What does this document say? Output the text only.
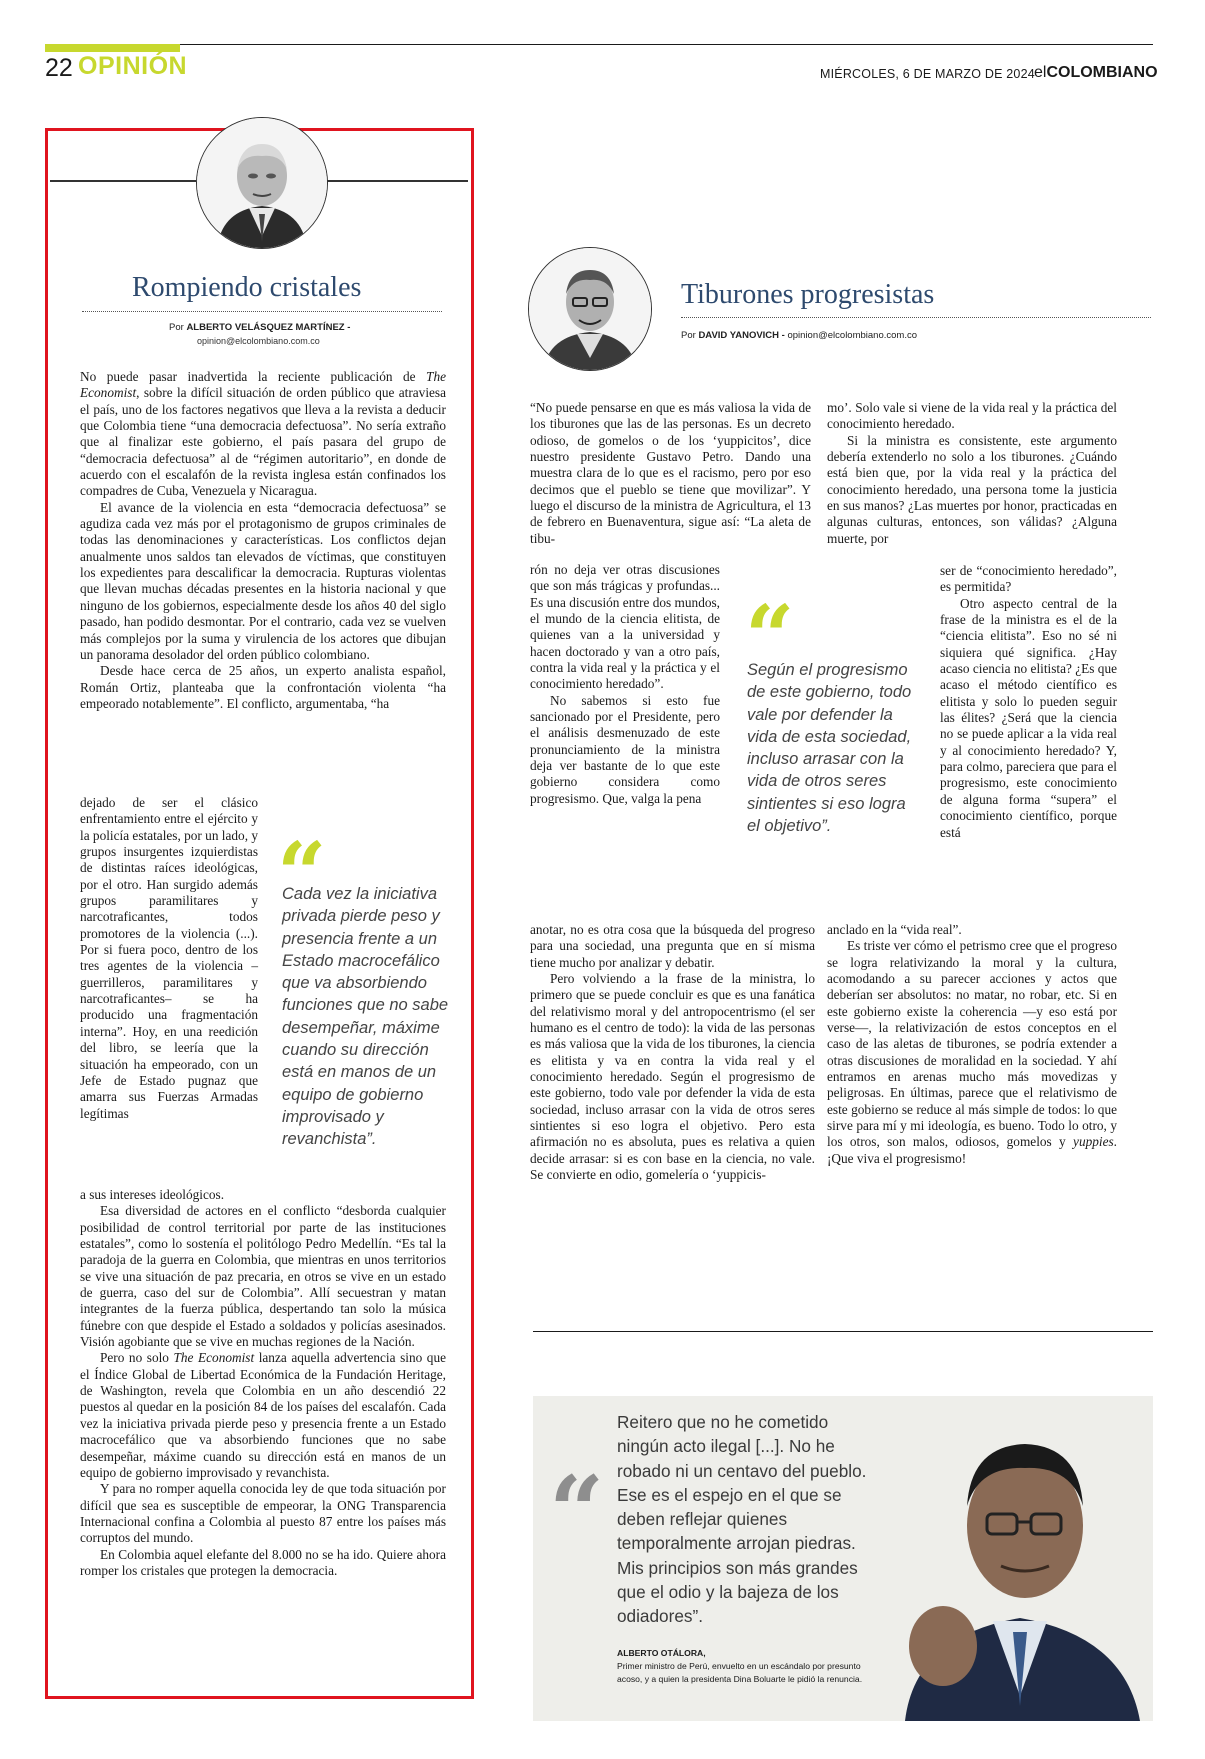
22 OPINIÓN	MIÉRCOLES, 6 DE MARZO DE 2024 elCOLOMBIANO
Rompiendo cristales
Por ALBERTO VELÁSQUEZ MARTÍNEZ -
opinion@elcolombiano.com.co

No puede pasar inadvertida la reciente publicación de The Economist, sobre la difícil situación de orden público que atraviesa el país, uno de los factores negativos que lleva a la revista a deducir que Colombia tiene “una democracia defectuosa”. No sería extraño que al finalizar este gobierno, el país pasara del grupo de “democracia defectuosa” al de “régimen autoritario”, en donde de acuerdo con el escalafón de la revista inglesa están confinados los compadres de Cuba, Venezuela y Nicaragua.

El avance de la violencia en esta “democracia defectuosa” se agudiza cada vez más por el protagonismo de grupos criminales de todas las denominaciones y características. Los conflictos dejan anualmente unos saldos tan elevados de víctimas, que constituyen los expedientes para descalificar la democracia. Rupturas violentas que llevan muchas décadas presentes en la historia nacional y que ninguno de los gobiernos, especialmente desde los años 40 del siglo pasado, han podido desmontar. Por el contrario, cada vez se vuelven más complejos por la suma y virulencia de los actores que dibujan un panorama desolador del orden público colombiano.

Desde hace cerca de 25 años, un experto analista español, Román Ortiz, planteaba que la confrontación violenta “ha empeorado notablemente”. El conflicto, argumentaba, “ha

dejado de ser el clásico enfrentamiento entre el ejército y la policía estatales, por un lado, y grupos insurgentes izquierdistas de distintas raíces ideológicas, por el otro. Han surgido además grupos paramilitares y narcotraficantes, todos promotores de la violencia (...). Por si fuera poco, dentro de los tres agentes de la violencia –guerrilleros, paramilitares y narcotraficantes– se ha producido una fragmentación interna”. Hoy, en una reedición del libro, se leería que la situación ha empeorado, con un Jefe de Estado pugnaz que amarra sus Fuerzas Armadas legítimas

“
Cada vez la iniciativa privada pierde peso y presencia frente a un Estado macrocefálico que va absorbiendo funciones que no sabe desempeñar, máxime cuando su dirección está en manos de un equipo de gobierno improvisado y revanchista”.

a sus intereses ideológicos.

Esa diversidad de actores en el conflicto “desborda cualquier posibilidad de control territorial por parte de las instituciones estatales”, como lo sostenía el politólogo Pedro Medellín. “Es tal la paradoja de la guerra en Colombia, que mientras en unos territorios se vive una situación de paz precaria, en otros se vive en un estado de guerra, caso del sur de Colombia”. Allí secuestran y matan integrantes de la fuerza pública, despertando tan solo la música fúnebre con que despide el Estado a soldados y policías asesinados. Visión agobiante que se vive en muchas regiones de la Nación.

Pero no solo The Economist lanza aquella advertencia sino que el Índice Global de Libertad Económica de la Fundación Heritage, de Washington, revela que Colombia en un año descendió 22 puestos al quedar en la posición 84 de los países del escalafón. Cada vez la iniciativa privada pierde peso y presencia frente a un Estado macrocefálico que va absorbiendo funciones que no sabe desempeñar, máxime cuando su dirección está en manos de un equipo de gobierno improvisado y revanchista.

Y para no romper aquella conocida ley de que toda situación por difícil que sea es susceptible de empeorar, la ONG Transparencia Internacional confina a Colombia al puesto 87 entre los países más corruptos del mundo.

En Colombia aquel elefante del 8.000 no se ha ido. Quiere ahora romper los cristales que protegen la democracia.

Tiburones progresistas
Por DAVID YANOVICH - opinion@elcolombiano.com.co

“No puede pensarse en que es más valiosa la vida de los tiburones que las de las personas. Es un decreto odioso, de gomelos o de los ‘yuppicitos’, dice nuestro presidente Gustavo Petro. Dando una muestra clara de lo que es el racismo, pero por eso decimos que el pueblo se tiene que movilizar”. Y luego el discurso de la ministra de Agricultura, el 13 de febrero en Buenaventura, sigue así: “La aleta de tibu-

rón no deja ver otras discusiones que son más trágicas y profundas... Es una discusión entre dos mundos, el mundo de la ciencia elitista, de quienes van a la universidad y hacen doctorado y van a otro país, contra la vida real y la práctica y el conocimiento heredado”.

No sabemos si esto fue sancionado por el Presidente, pero el análisis desmenuzado de este pronunciamiento de la ministra deja ver bastante de lo que este gobierno considera como progresismo. Que, valga la pena

anotar, no es otra cosa que la búsqueda del progreso para una sociedad, una pregunta que en sí misma tiene mucho por analizar y debatir.

Pero volviendo a la frase de la ministra, lo primero que se puede concluir es que es una fanática del relativismo moral y del antropocentrismo (el ser humano es el centro de todo): la vida de las personas es más valiosa que la vida de los tiburones, la ciencia es elitista y va en contra la vida real y el conocimiento heredado. Según el progresismo de este gobierno, todo vale por defender la vida de esta sociedad, incluso arrasar con la vida de otros seres sintientes si eso logra el objetivo. Pero esta afirmación no es absoluta, pues es relativa a quien decide arrasar: si es con base en la ciencia, no vale. Se convierte en odio, gomelería o ‘yuppicis-

“
Según el progresismo de este gobierno, todo vale por defender la vida de esta sociedad, incluso arrasar con la vida de otros seres sintientes si eso logra el objetivo”.

mo’. Solo vale si viene de la vida real y la práctica del conocimiento heredado.

Si la ministra es consistente, este argumento debería extenderlo no solo a los tiburones. ¿Cuándo está bien que, por la vida real y la práctica del conocimiento heredado, una persona tome la justicia en sus manos? ¿Las muertes por honor, practicadas en algunas culturas, entonces, son válidas? ¿Alguna muerte, por

ser de “conocimiento heredado”, es permitida?

Otro aspecto central de la frase de la ministra es el de la “ciencia elitista”. Eso no sé ni siquiera qué significa. ¿Hay acaso ciencia no elitista? ¿Es que acaso el método científico es elitista y solo lo pueden seguir las élites? ¿Será que la ciencia no se puede aplicar a la vida real y al conocimiento heredado? Y, para colmo, pareciera que para el progresismo, este conocimiento de alguna forma “supera” el conocimiento científico, porque está

anclado en la “vida real”.

Es triste ver cómo el petrismo cree que el progreso se logra relativizando la moral y la cultura, acomodando a su parecer acciones y actos que deberían ser absolutos: no matar, no robar, etc. Si en este gobierno existe la coherencia —y eso está por verse—, la relativización de estos conceptos en el caso de las aletas de tiburones, se podría extender a otras discusiones de moralidad en la sociedad. Y ahí entramos en arenas mucho más movedizas y peligrosas. En últimas, parece que el relativismo de este gobierno se reduce al más simple de todos: lo que sirve para mí y mi ideología, es bueno. Todo lo otro, y los otros, son malos, odiosos, gomelos y yuppies. ¡Que viva el progresismo!

“
Reitero que no he cometido ningún acto ilegal [...]. No he robado ni un centavo del pueblo. Ese es el espejo en el que se deben reflejar quienes temporalmente arrojan piedras. Mis principios son más grandes que el odio y la bajeza de los odiadores”.
ALBERTO OTÁLORA,
Primer ministro de Perú, envuelto en un escándalo por presunto acoso, y a quien la presidenta Dina Boluarte le pidió la renuncia.
